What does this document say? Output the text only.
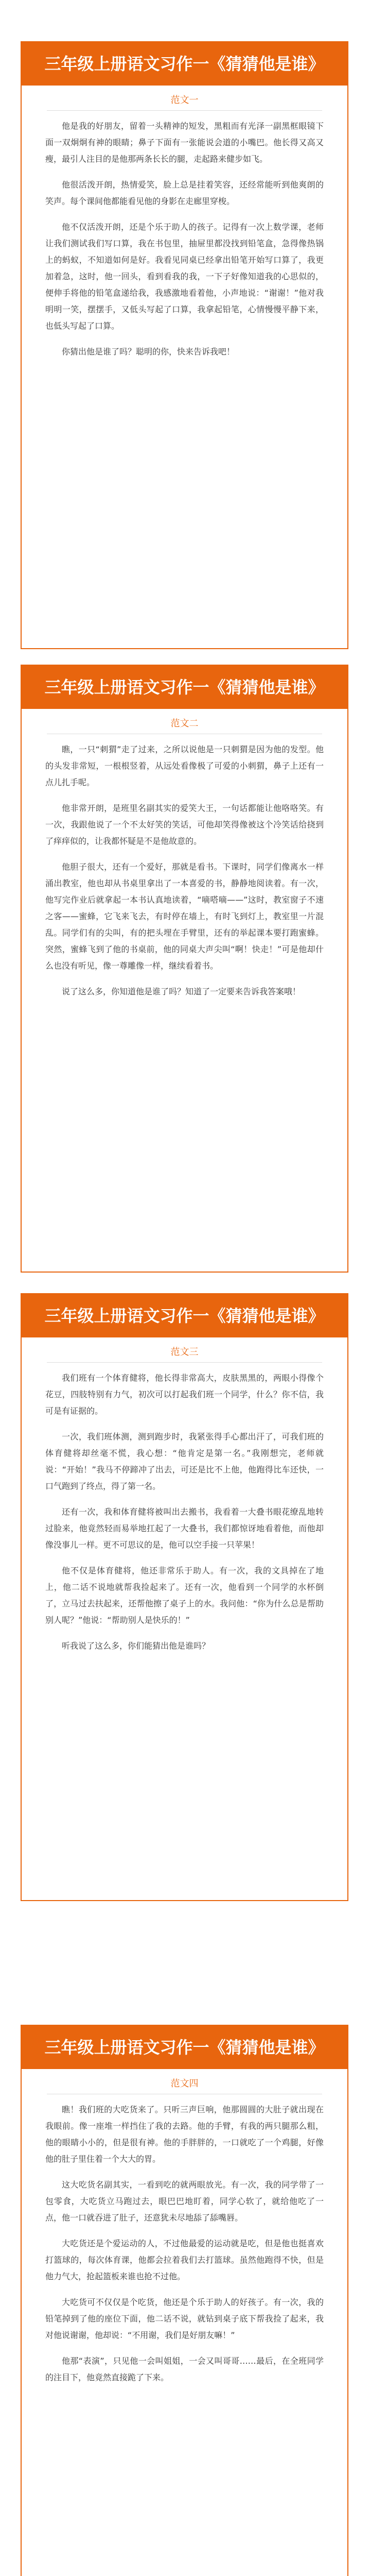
三年级上册语文习作一《猜猜他是谁》
范文一

他是我的好朋友，留着一头精神的短发，黑粗而有光泽一副黑框眼镜下面一双炯炯有神的眼睛；鼻子下面有一张能说会道的小嘴巴。他长得又高又瘦，最引人注目的是他那两条长长的腿，走起路来健步如飞。

他很活泼开朗，热情爱笑，脸上总是挂着笑容，还经常能听到他爽朗的笑声。每个课间他都能看见他的身影在走廊里穿梭。

他不仅活泼开朗，还是个乐于助人的孩子。记得有一次上数学课，老师让我们测试我们写口算，我在书包里，抽屉里都没找到铅笔盒，急得像热锅上的蚂蚁，不知道如何是好。我看见同桌已经拿出铅笔开始写口算了，我更加着急，这时，他一回头，看到看我的我，一下子好像知道我的心思似的，便伸手将他的铅笔盒递给我，我感激地看着他，小声地说：“谢谢！”他对我明明一笑，摆摆手，又低头写起了口算，我拿起铅笔，心情慢慢平静下来，也低头写起了口算。

你猜出他是谁了吗？聪明的你，快来告诉我吧！

三年级上册语文习作一《猜猜他是谁》
范文二

瞧，一只“刺猬”走了过来，之所以说他是一只刺猬是因为他的发型。他的头发非常短，一根根竖着，从远处看像极了可爱的小刺猬，鼻子上还有一点儿扎手呢。

他非常开朗，是班里名副其实的爱笑大王，一句话都能让他咯咯笑。有一次，我跟他说了一个不太好笑的笑话，可他却笑得像被这个冷笑话给挠到了痒痒似的，让我都怀疑是不是他故意的。

他胆子很大，还有一个爱好，那就是看书。下课时，同学们像离水一样涌出教室，他也却从书桌里拿出了一本喜爱的书，静静地阅读着。有一次，他写完作业后就拿起一本书认真地读着，“嘀嗒嘀——”这时，教室窗子不速之客——蜜蜂，它飞来飞去，有时停在墙上，有时飞到灯上，教室里一片混乱。同学们有的尖叫，有的把头埋在手臂里，还有的举起课本要打跑蜜蜂。突然，蜜蜂飞到了他的书桌前，他的同桌大声尖叫“啊！快走！”可是他却什么也没有听见，像一尊雕像一样，继续看着书。

说了这么多，你知道他是谁了吗？知道了一定要来告诉我答案哦！

三年级上册语文习作一《猜猜他是谁》
范文三

我们班有一个体育健将，他长得非常高大，皮肤黑黑的，两眼小得像个花豆，四肢特别有力气，初次可以打起我们班一个同学，什么？你不信，我可是有证据的。

一次，我们班体测，测到跑步时，我紧张得手心都出汗了，可我们班的体育健将却丝毫不慌，我心想：“他肯定是第一名。”我刚想完，老师就说：“开始！”我马不停蹄冲了出去，可还是比不上他，他跑得比车还快，一口气跑到了终点，得了第一名。

还有一次，我和体育健将被叫出去搬书，我看着一大叠书眼花缭乱地转过脸来，他竟然轻而易举地扛起了一大叠书，我们都惊讶地看着他，而他却像没事儿一样。更不可思议的是，他可以空手接一只苹果！

他不仅是体育健将，他还非常乐于助人。有一次，我的文具掉在了地上，他二话不说地就帮我捡起来了。还有一次，他看到一个同学的水杯倒了，立马过去扶起来，还帮他擦了桌子上的水。我问他：“你为什么总是帮助别人呢？”他说：“帮助别人是快乐的！”

听我说了这么多，你们能猜出他是谁吗？

三年级上册语文习作一《猜猜他是谁》
范文四

瞧！我们班的大吃货来了。只听三声巨响，他那圆圆的大肚子就出现在我眼前。像一座堆一样挡住了我的去路。他的手臂，有我的两只腿那么粗，他的眼睛小小的，但是很有神。他的手胖胖的，一口就吃了一个鸡腿，好像他的肚子里住着一个大大的胃。

这大吃货名副其实，一看到吃的就两眼放光。有一次，我的同学带了一包零食，大吃货立马跑过去，眼巴巴地盯着，同学心软了，就给他吃了一点，他一口就吞进了肚子，还意犹未尽地舔了舔嘴唇。

大吃货还是个爱运动的人，不过他最爱的运动就是吃，但是他也挺喜欢打篮球的，每次体育课，他都会拉着我们去打篮球。虽然他跑得不快，但是他力气大，抢起篮板来谁也抢不过他。

大吃货可不仅仅是个吃货，他还是个乐于助人的好孩子。有一次，我的铅笔掉到了他的座位下面，他二话不说，就钻到桌子底下帮我捡了起来，我对他说谢谢，他却说：“不用谢，我们是好朋友嘛！”

他那“表演”，只见他一会叫姐姐，一会又叫哥哥……最后，在全班同学的注目下，他竟然直接跪了下来。
